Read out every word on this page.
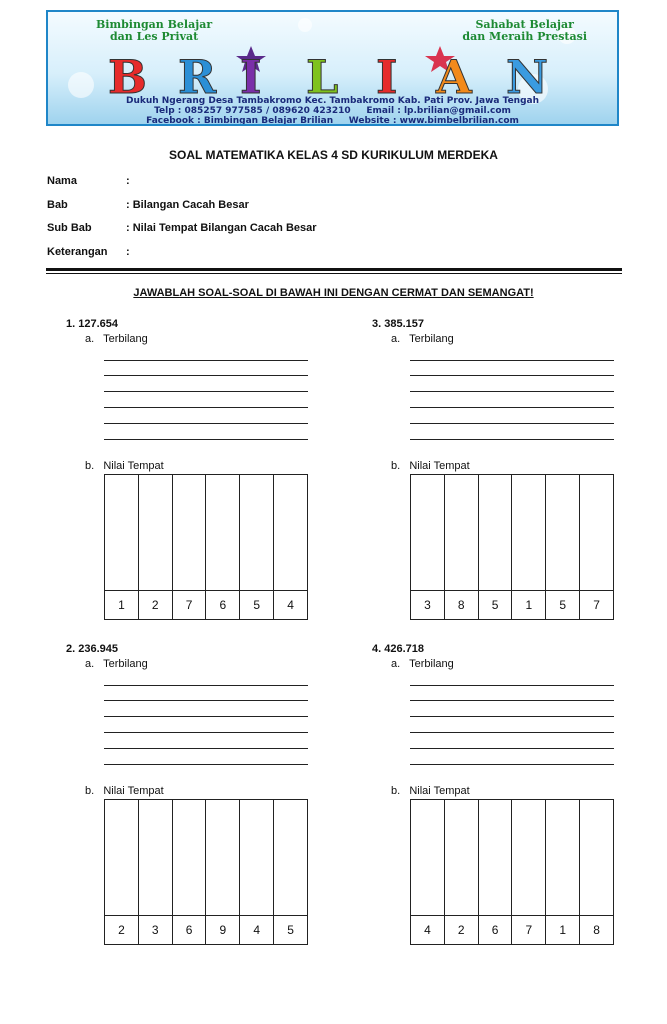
Bimbingan Belajar
dan Les Privat
Sahabat Belajar
dan Meraih Prestasi
B R I L I A N
Dukuh Ngerang Desa Tambakromo Kec. Tambakromo Kab. Pati Prov. Jawa Tengah
Telp : 085257 977585 / 089620 423210     Email : lp.brilian@gmail.com
Facebook : Bimbingan Belajar Brilian     Website : www.bimbelbrilian.com
SOAL MATEMATIKA KELAS 4 SD KURIKULUM MERDEKA
Nama	:
Bab	: Bilangan Cacah Besar
Sub Bab	: Nilai Tempat Bilangan Cacah Besar
Keterangan :
JAWABLAH SOAL-SOAL DI BAWAH INI DENGAN CERMAT DAN SEMANGAT!
1. 127.654
a.   Terbilang
b.   Nilai Tempat
1	2	7	6	5	4
2. 236.945
a.   Terbilang
b.   Nilai Tempat
2	3	6	9	4	5
3. 385.157
a.   Terbilang
b.   Nilai Tempat
3	8	5	1	5	7
4. 426.718
a.   Terbilang
b.   Nilai Tempat
4	2	6	7	1	8
